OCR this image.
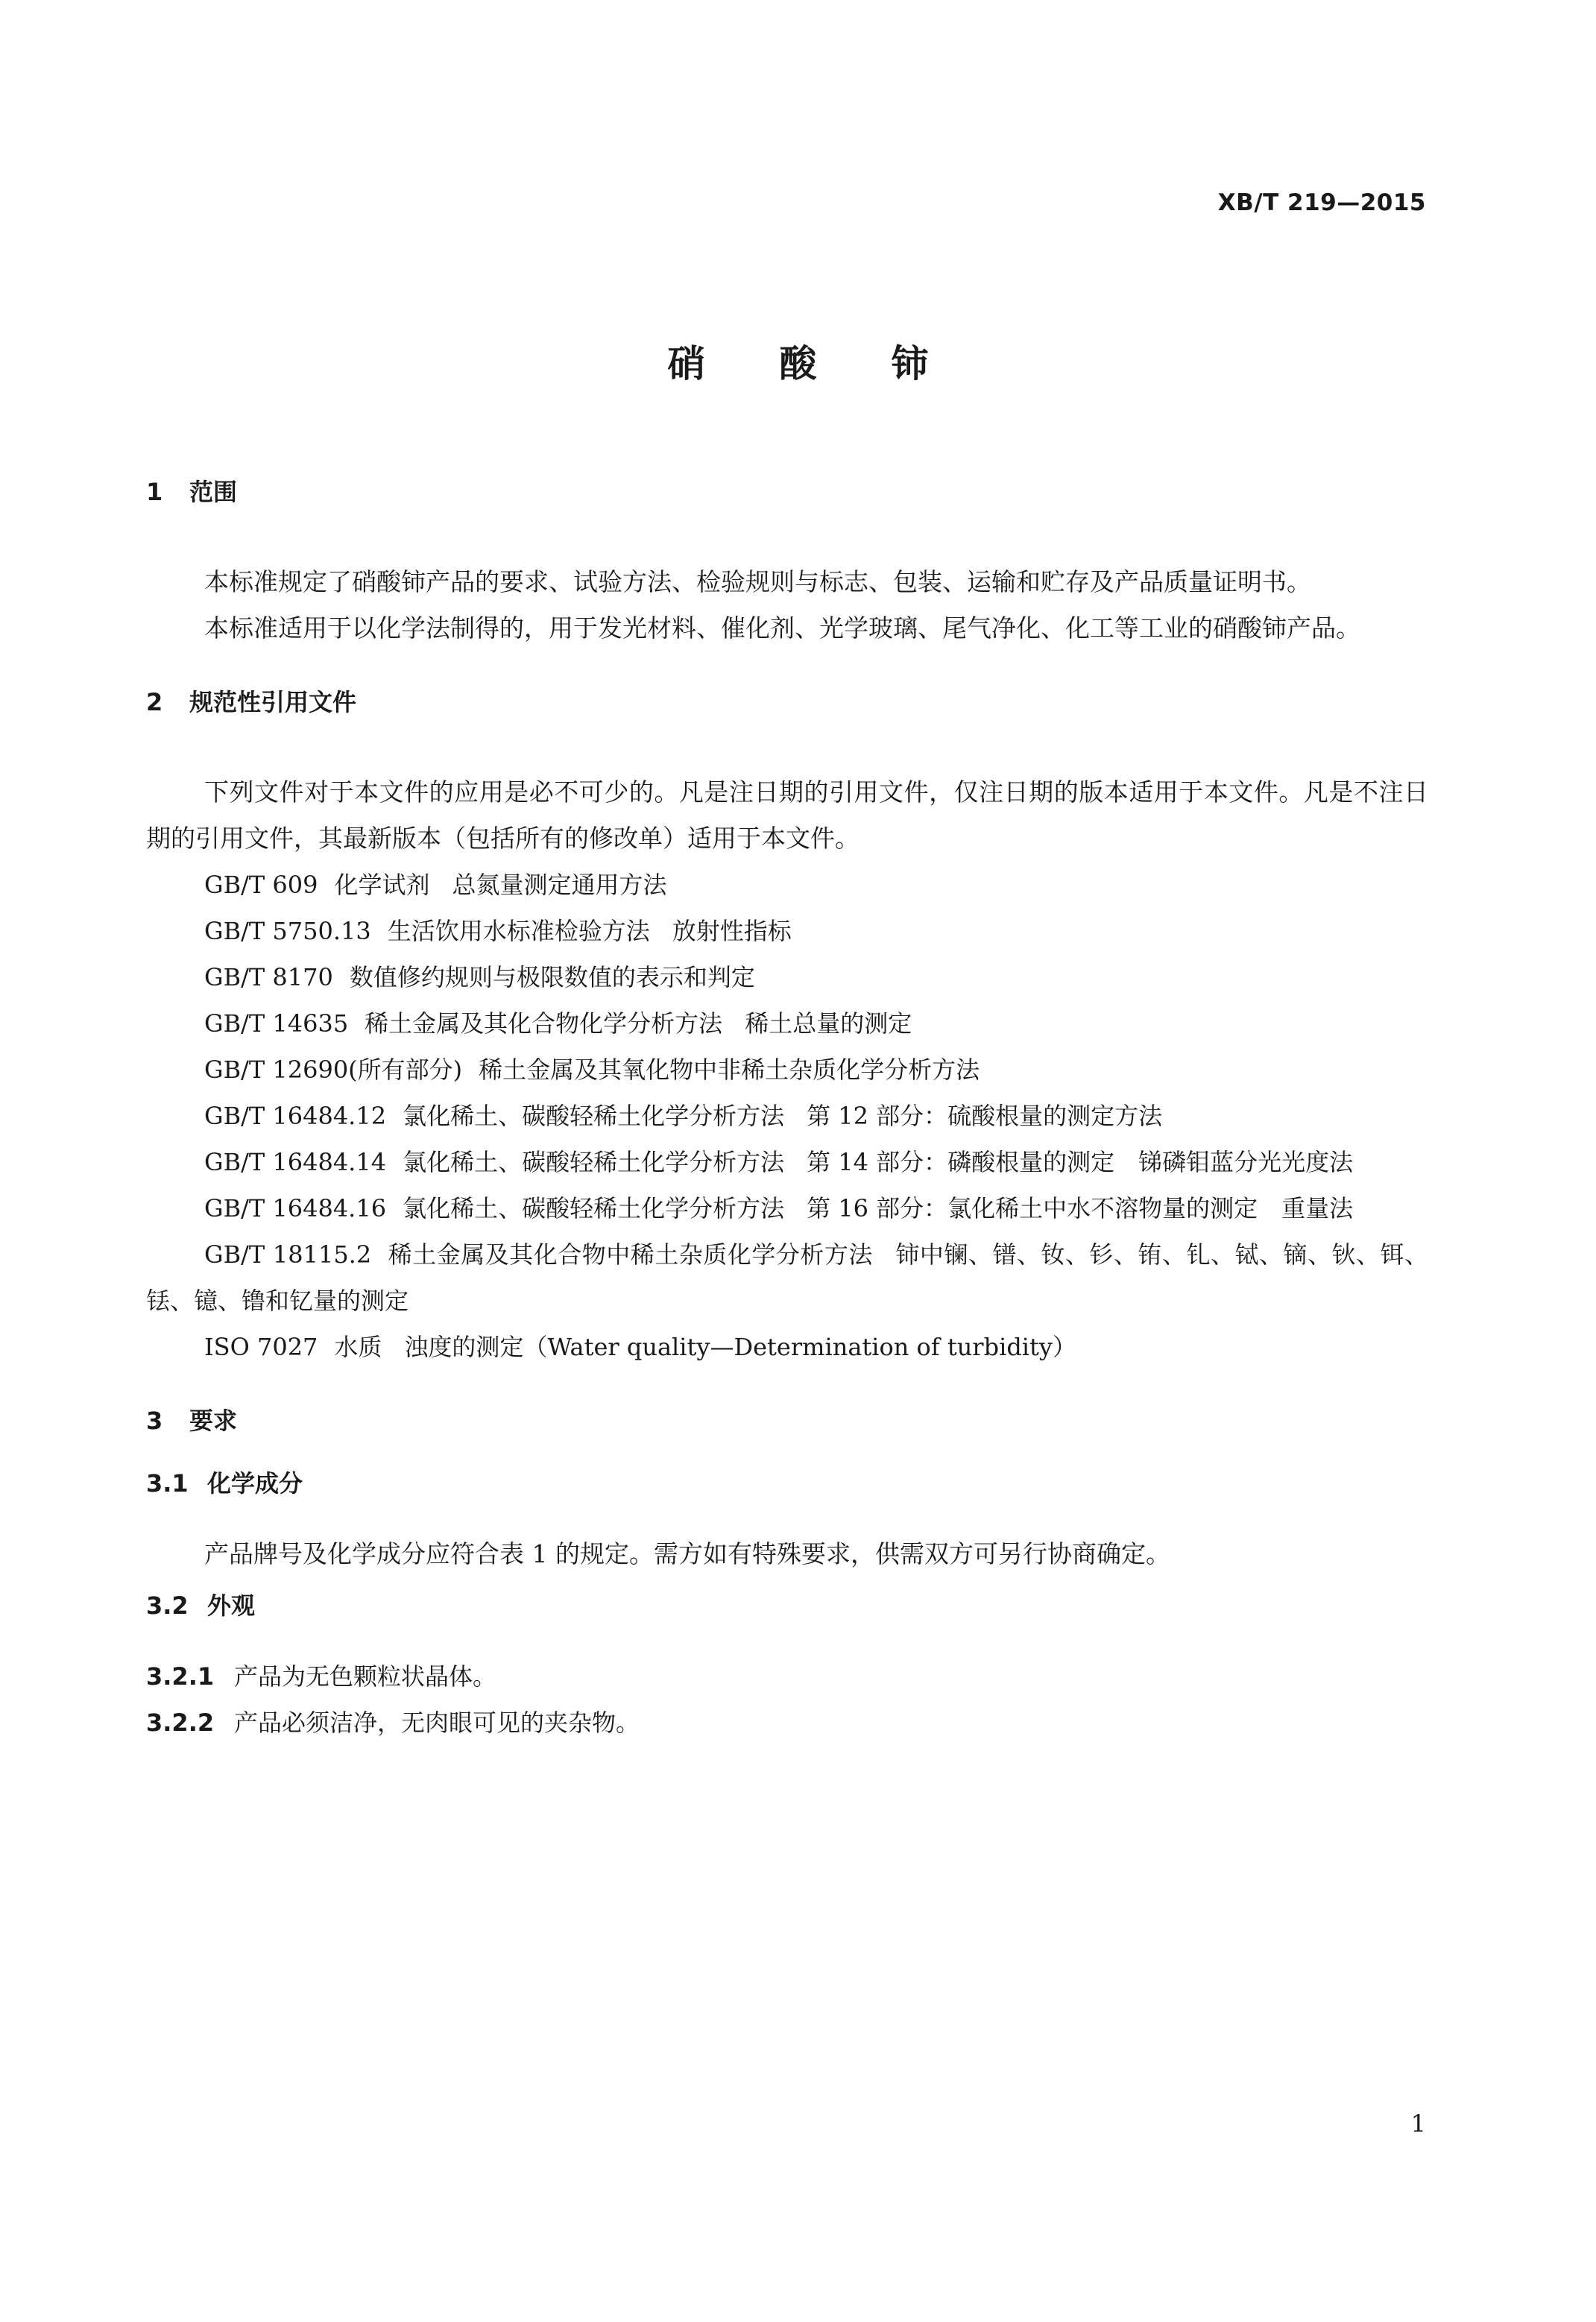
XB/T 219—2015
硝酸铈
1 范围

本标准规定了硝酸铈产品的要求、试验方法、检验规则与标志、包装、运输和贮存及产品质量证明书。

本标准适用于以化学法制得的，用于发光材料、催化剂、光学玻璃、尾气净化、化工等工业的硝酸铈产品。

2 规范性引用文件

下列文件对于本文件的应用是必不可少的。凡是注日期的引用文件，仅注日期的版本适用于本文件。凡是不注日期的引用文件，其最新版本（包括所有的修改单）适用于本文件。

GB/T 609 化学试剂 总氮量测定通用方法

GB/T 5750.13 生活饮用水标准检验方法 放射性指标

GB/T 8170 数值修约规则与极限数值的表示和判定

GB/T 14635 稀土金属及其化合物化学分析方法 稀土总量的测定

GB/T 12690(所有部分) 稀土金属及其氧化物中非稀土杂质化学分析方法

GB/T 16484.12 氯化稀土、碳酸轻稀土化学分析方法 第 12 部分：硫酸根量的测定方法

GB/T 16484.14 氯化稀土、碳酸轻稀土化学分析方法 第 14 部分：磷酸根量的测定　锑磷钼蓝分光光度法

GB/T 16484.16 氯化稀土、碳酸轻稀土化学分析方法 第 16 部分：氯化稀土中水不溶物量的测定　重量法

GB/T 18115.2 稀土金属及其化合物中稀土杂质化学分析方法 铈中镧、镨、钕、钐、铕、钆、铽、镝、钬、铒、铥、镱、镥和钇量的测定

ISO 7027 水质 浊度的测定（Water quality—Determination of turbidity）

3 要求
3.1 化学成分

产品牌号及化学成分应符合表 1 的规定。需方如有特殊要求，供需双方可另行协商确定。

3.2 外观

3.2.1 产品为无色颗粒状晶体。

3.2.2 产品必须洁净，无肉眼可见的夹杂物。

1
